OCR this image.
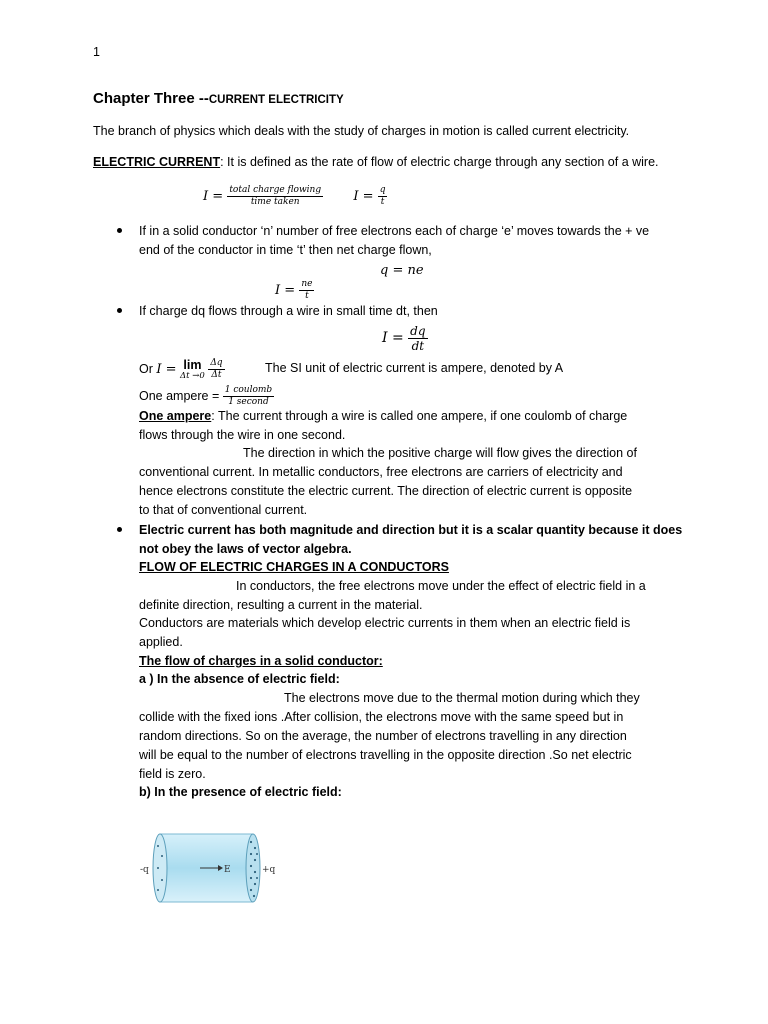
1
Chapter Three --CURRENT ELECTRICITY
The branch of physics which deals with the study of charges in motion is called current electricity.
ELECTRIC CURRENT: It is defined as the rate of flow of electric charge through any section of a wire.
$I = \frac{\text{total charge flowing}}{\text{time taken}}$ $I = \frac{q}{t}$
If in a solid conductor ‘n’ number of free electrons each of charge ‘e’ moves towards the + ve
end of the conductor in time ‘t’ then net charge flown,
q = ne
$I = \frac{ne}{t}$
If charge dq flows through a wire in small time dt, then
$I = \frac{dq}{dt}$
Or I = lim
Δt →0
$\frac{\Delta q}{\Delta t}$	The SI unit of electric current is ampere, denoted by A
One ampere = $\frac{\text{1 coulomb}}{\text{1 second}}$
One ampere: The current through a wire is called one ampere, if one coulomb of charge
flows through the wire in one second.
The direction in which the positive charge will flow gives the direction of
conventional current. In metallic conductors, free electrons are carriers of electricity and
hence electrons constitute the electric current. The direction of electric current is opposite
to that of conventional current.
Electric current has both magnitude and direction but it is a scalar quantity because it does
not obey the laws of vector algebra.
FLOW OF ELECTRIC CHARGES IN A CONDUCTORS
In conductors, the free electrons move under the effect of electric field in a
definite direction, resulting a current in the material.
Conductors are materials which develop electric currents in them when an electric field is
applied.
The flow of charges in a solid conductor:
a ) In the absence of electric field:
The electrons move due to the thermal motion during which they
collide with the fixed ions .After collision, the electrons move with the same speed but in
random directions. So on the average, the number of electrons travelling in any direction
will be equal to the number of electrons travelling in the opposite direction .So net electric
field is zero.
b) In the presence of electric field:
E
-q	+q
